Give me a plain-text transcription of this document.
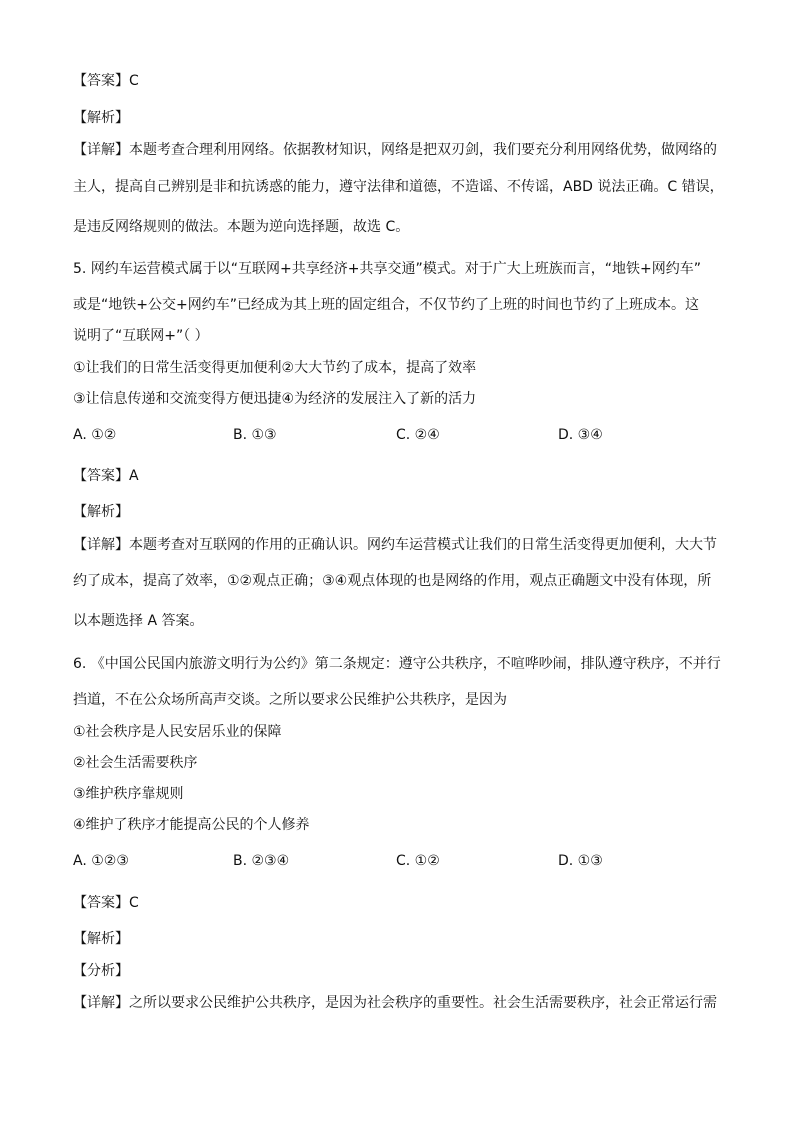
【答案】C
【解析】
【详解】本题考查合理利用网络。依据教材知识，网络是把双刃剑，我们要充分利用网络优势，做网络的
主人，提高自己辨别是非和抗诱惑的能力，遵守法律和道德，不造谣、不传谣，ABD 说法正确。C 错误，
是违反网络规则的做法。本题为逆向选择题，故选 C。
5. 网约车运营模式属于以“互联网+共享经济+共享交通”模式。对于广大上班族而言，“地铁+网约车”
或是“地铁+公交+网约车”已经成为其上班的固定组合，不仅节约了上班的时间也节约了上班成本。这
说明了“互联网+”（ ）
①让我们的日常生活变得更加便利②大大节约了成本，提高了效率
③让信息传递和交流变得方便迅捷④为经济的发展注入了新的活力
A. ①②	B. ①③	C. ②④	D. ③④
【答案】A
【解析】
【详解】本题考查对互联网的作用的正确认识。网约车运营模式让我们的日常生活变得更加便利，大大节
约了成本，提高了效率，①②观点正确；③④观点体现的也是网络的作用，观点正确题文中没有体现，所
以本题选择 A 答案。
6. 《中国公民国内旅游文明行为公约》第二条规定：遵守公共秩序，不喧哗吵闹，排队遵守秩序，不并行
挡道，不在公众场所高声交谈。之所以要求公民维护公共秩序，是因为
①社会秩序是人民安居乐业的保障
②社会生活需要秩序
③维护秩序靠规则
④维护了秩序才能提高公民的个人修养
A. ①②③	B. ②③④	C. ①②	D. ①③
【答案】C
【解析】
【分析】
【详解】之所以要求公民维护公共秩序，是因为社会秩序的重要性。社会生活需要秩序，社会正常运行需
